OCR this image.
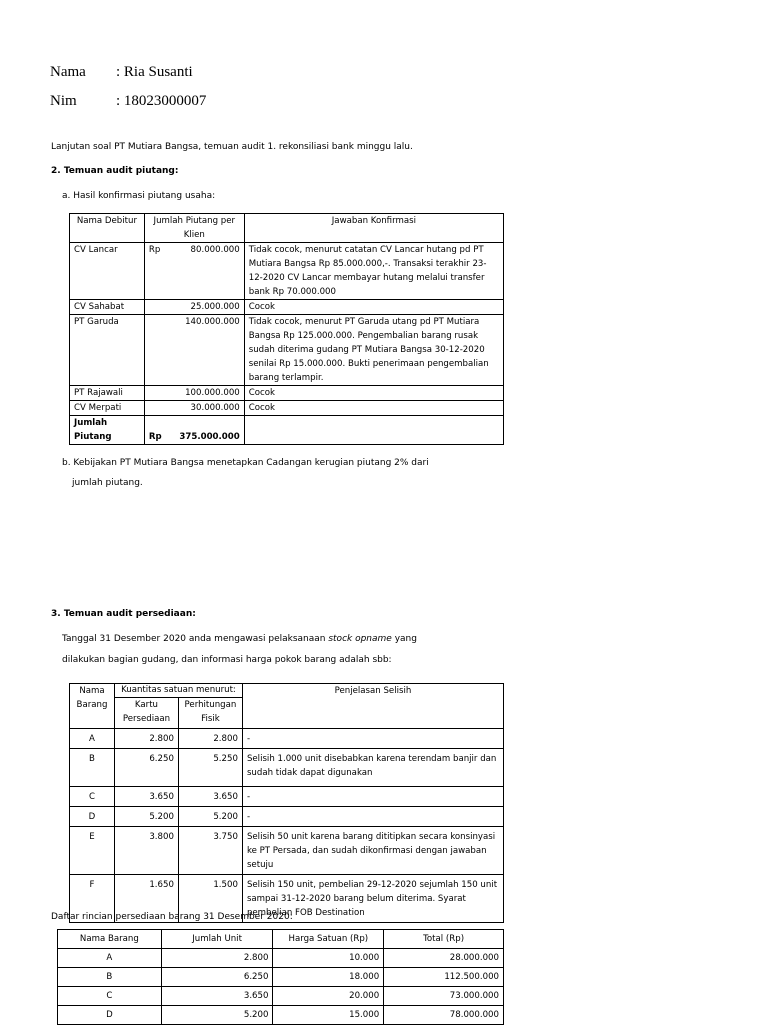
Nama : Ria Susanti
Nim	: 18023000007
Lanjutan soal PT Mutiara Bangsa, temuan audit 1. rekonsiliasi bank minggu lalu.
2. Temuan audit piutang:
a. Hasil konfirmasi piutang usaha:
Nama Debitur	Jumlah Piutang per Klien	Jawaban Konfirmasi
CV Lancar	Rp 80.000.000	Tidak cocok, menurut catatan CV Lancar hutang pd PT Mutiara Bangsa Rp 85.000.000,-. Transaksi terakhir 23-12-2020 CV Lancar membayar hutang melalui transfer bank Rp 70.000.000
CV Sahabat	25.000.000	Cocok
PT Garuda	140.000.000	Tidak cocok, menurut PT Garuda utang pd PT Mutiara Bangsa Rp 125.000.000. Pengembalian barang rusak sudah diterima gudang PT Mutiara Bangsa 30-12-2020 senilai Rp 15.000.000. Bukti penerimaan pengembalian barang terlampir.
PT Rajawali	100.000.000	Cocok
CV Merpati	30.000.000	Cocok
Jumlah Piutang	Rp 375.000.000	

b. Kebijakan PT Mutiara Bangsa menetapkan Cadangan kerugian piutang 2% dari
jumlah piutang.
3. Temuan audit persediaan:
Tanggal 31 Desember 2020 anda mengawasi pelaksanaan stock opname yang
dilakukan bagian gudang, dan informasi harga pokok barang adalah sbb:
Nama Barang	Kuantitas satuan menurut:		Penjelasan Selisih
	Kartu Persediaan	Perhitungan Fisik	
A	2.800	2.800	-
B	6.250	5.250	Selisih 1.000 unit disebabkan karena terendam banjir dan sudah tidak dapat digunakan
C	3.650	3.650	-
D	5.200	5.200	-
E	3.800	3.750	Selisih 50 unit karena barang dititipkan secara konsinyasi ke PT Persada, dan sudah dikonfirmasi dengan jawaban setuju
F	1.650	1.500	Selisih 150 unit, pembelian 29-12-2020 sejumlah 150 unit sampai 31-12-2020 barang belum diterima. Syarat pembelian FOB Destination
Daftar rincian persediaan barang 31 Desember 2020:
Nama Barang	Jumlah Unit	Harga Satuan (Rp)	Total (Rp)
A	2.800	10.000	28.000.000
B	6.250	18.000	112.500.000
C	3.650	20.000	73.000.000
D	5.200	15.000	78.000.000
